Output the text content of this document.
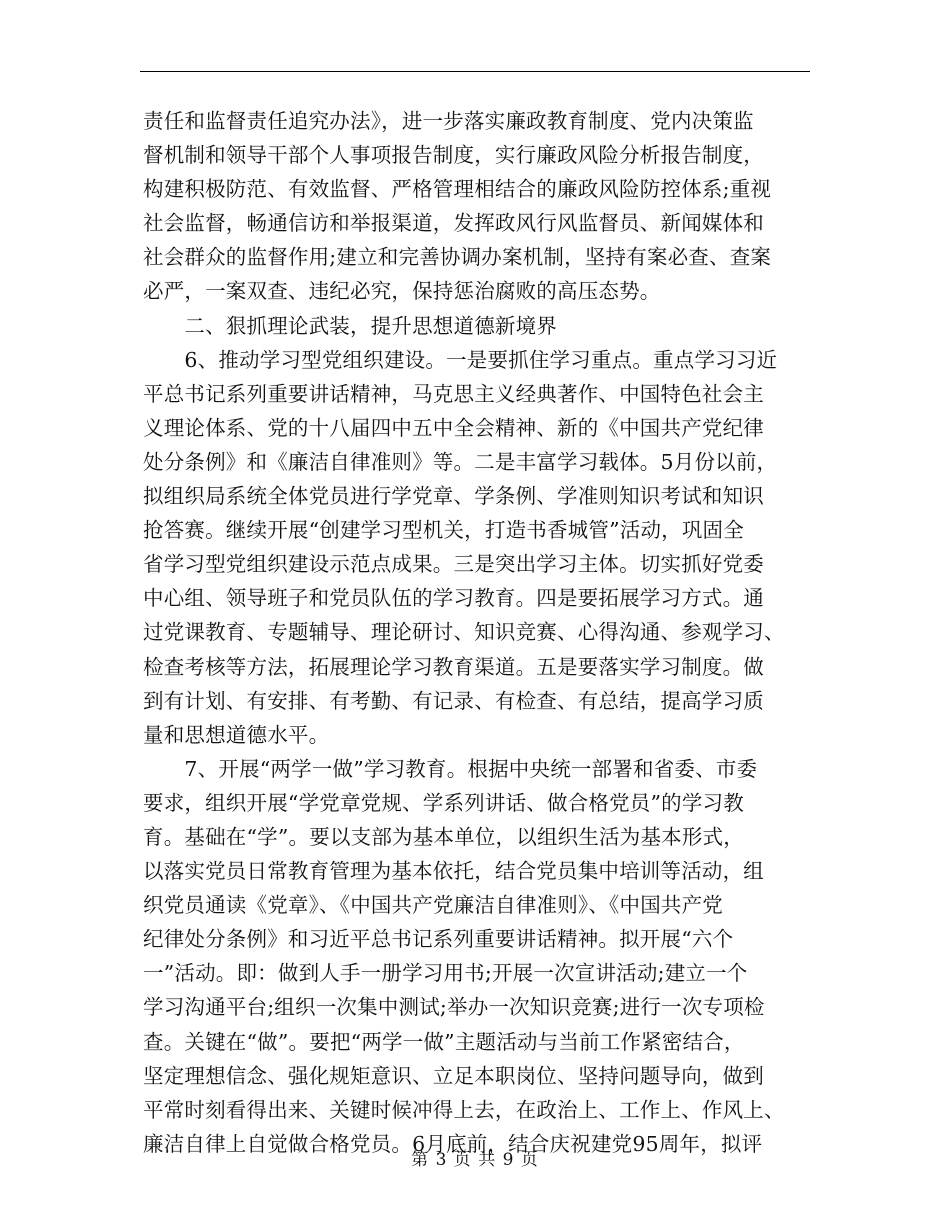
责任和监督责任追究办法》，进一步落实廉政教育制度、党内决策监
督机制和领导干部个人事项报告制度，实行廉政风险分析报告制度，
构建积极防范、有效监督、严格管理相结合的廉政风险防控体系;重视
社会监督，畅通信访和举报渠道，发挥政风行风监督员、新闻媒体和
社会群众的监督作用;建立和完善协调办案机制，坚持有案必查、查案
必严，一案双查、违纪必究，保持惩治腐败的高压态势。
　　二、狠抓理论武装，提升思想道德新境界
　　6、推动学习型党组织建设。一是要抓住学习重点。重点学习习近
平总书记系列重要讲话精神，马克思主义经典著作、中国特色社会主
义理论体系、党的十八届四中五中全会精神、新的《中国共产党纪律
处分条例》和《廉洁自律准则》等。二是丰富学习载体。5月份以前，
拟组织局系统全体党员进行学党章、学条例、学准则知识考试和知识
抢答赛。继续开展“创建学习型机关，打造书香城管”活动，巩固全
省学习型党组织建设示范点成果。三是突出学习主体。切实抓好党委
中心组、领导班子和党员队伍的学习教育。四是要拓展学习方式。通
过党课教育、专题辅导、理论研讨、知识竞赛、心得沟通、参观学习、
检查考核等方法，拓展理论学习教育渠道。五是要落实学习制度。做
到有计划、有安排、有考勤、有记录、有检查、有总结，提高学习质
量和思想道德水平。
　　7、开展“两学一做”学习教育。根据中央统一部署和省委、市委
要求，组织开展“学党章党规、学系列讲话、做合格党员”的学习教
育。基础在“学”。要以支部为基本单位，以组织生活为基本形式，
以落实党员日常教育管理为基本依托，结合党员集中培训等活动，组
织党员通读《党章》、《中国共产党廉洁自律准则》、《中国共产党
纪律处分条例》和习近平总书记系列重要讲话精神。拟开展“六个
一”活动。即：做到人手一册学习用书;开展一次宣讲活动;建立一个
学习沟通平台;组织一次集中测试;举办一次知识竞赛;进行一次专项检
查。关键在“做”。要把“两学一做”主题活动与当前工作紧密结合，
坚定理想信念、强化规矩意识、立足本职岗位、坚持问题导向，做到
平常时刻看得出来、关键时候冲得上去，在政治上、工作上、作风上、
廉洁自律上自觉做合格党员。6月底前，结合庆祝建党95周年，拟评
第 3 页 共 9 页
